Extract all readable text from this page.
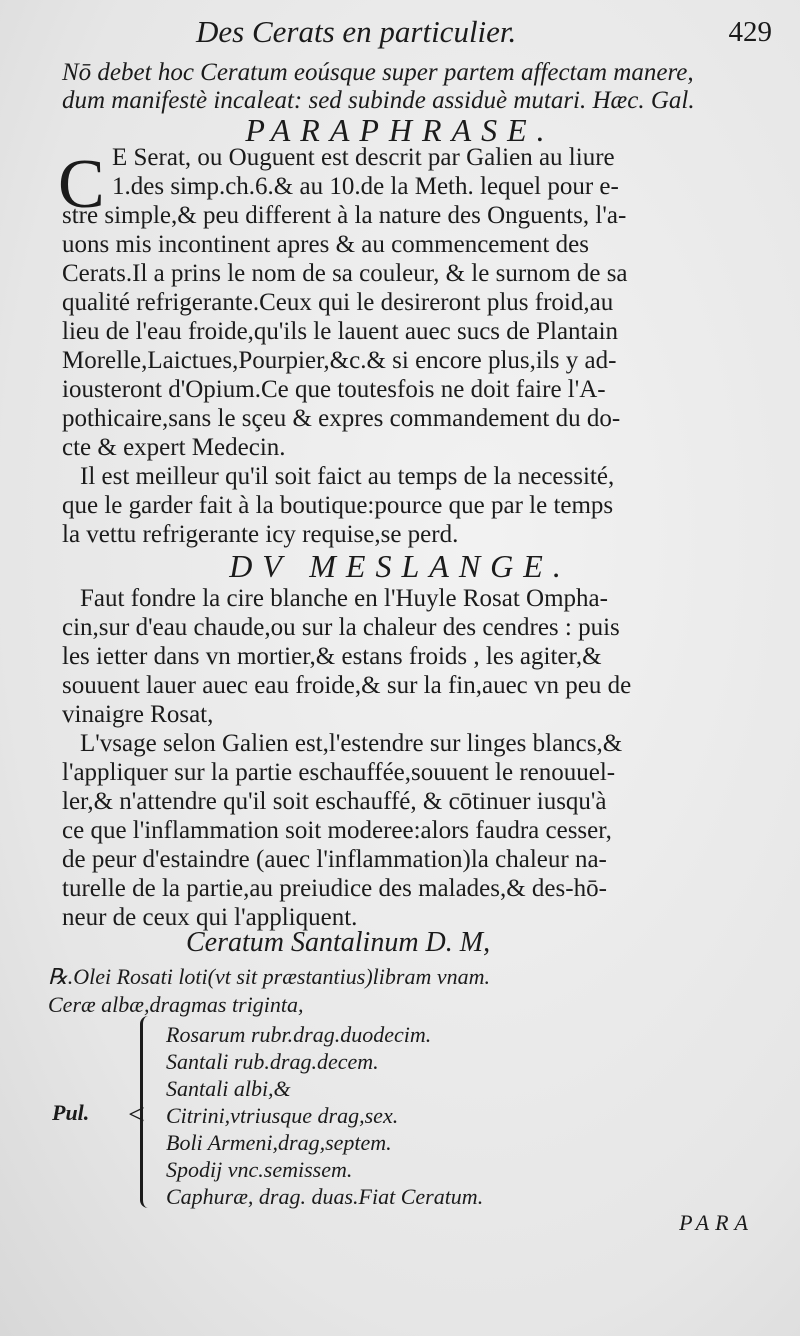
Des Cerats en particulier.	429
Nō debet hoc Ceratum eoúsque super partem affectam manere,
dum manifestè incaleat: sed subinde assiduè mutari. Hæc. Gal.
PARAPHRASE.
C E Serat, ou Ouguent est descrit par Galien au liure
1.des simp.ch.6.& au 10.de la Meth. lequel pour e-
stre simple,& peu different à la nature des Onguents, l'a-
uons mis incontinent apres & au commencement des
Cerats.Il a prins le nom de sa couleur, & le surnom de sa
qualité refrigerante.Ceux qui le desireront plus froid,au
lieu de l'eau froide,qu'ils le lauent auec sucs de Plantain
Morelle,Laictues,Pourpier,&c.& si encore plus,ils y ad-
iousteront d'Opium.Ce que toutesfois ne doit faire l'A-
pothicaire,sans le sçeu & expres commandement du do-
cte & expert Medecin.
Il est meilleur qu'il soit faict au temps de la necessité,
que le garder fait à la boutique:pource que par le temps
la vettu refrigerante icy requise,se perd.
DV MESLANGE.
Faut fondre la cire blanche en l'Huyle Rosat Ompha-
cin,sur d'eau chaude,ou sur la chaleur des cendres : puis
les ietter dans vn mortier,& estans froids , les agiter,&
souuent lauer auec eau froide,& sur la fin,auec vn peu de
vinaigre Rosat,
L'vsage selon Galien est,l'estendre sur linges blancs,&
l'appliquer sur la partie eschauffée,souuent le renouuel-
ler,& n'attendre qu'il soit eschauffé, & cōtinuer iusqu'à
ce que l'inflammation soit moderee:alors faudra cesser,
de peur d'estaindre (auec l'inflammation)la chaleur na-
turelle de la partie,au preiudice des malades,& des-hō-
neur de ceux qui l'appliquent.
Ceratum Santalinum D. M,
℞.Olei Rosati loti(vt sit præstantius)libram vnam.
Ceræ albæ,dragmas triginta,
<
Pul.
Rosarum rubr.drag.duodecim.
Santali rub.drag.decem.
Santali albi,&
Citrini,vtriusque drag,sex.
Boli Armeni,drag,septem.
Spodij vnc.semissem.
Caphuræ, drag. duas.Fiat Ceratum.
PARA
